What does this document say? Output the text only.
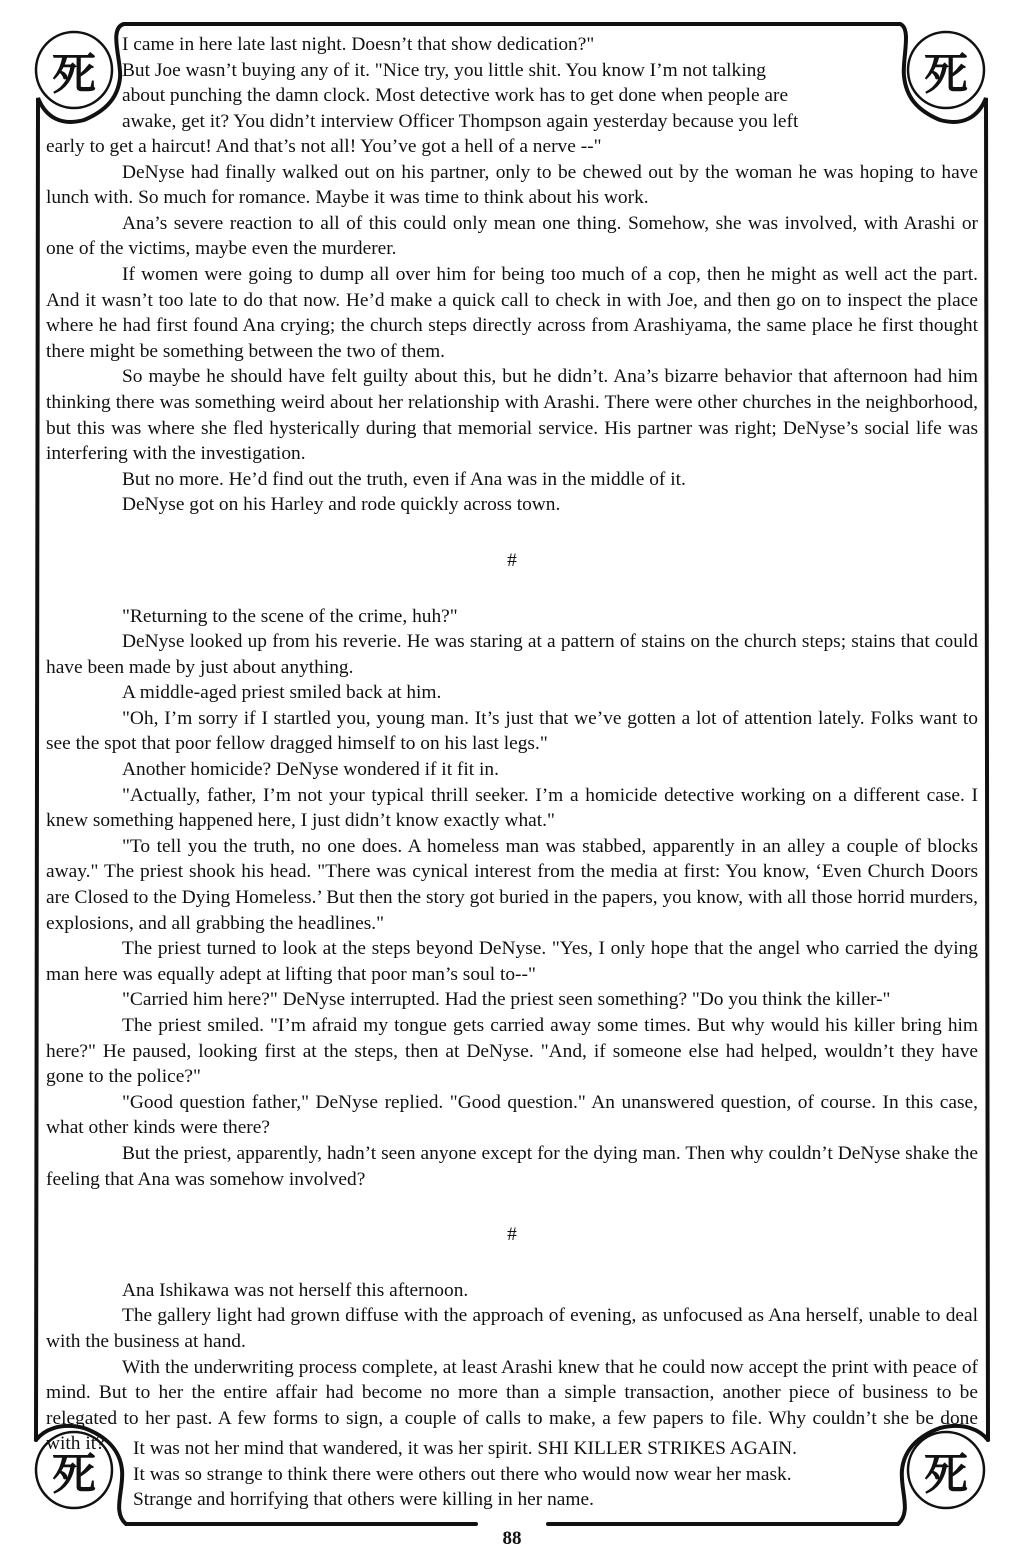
死	死
死	死

I came in here late last night. Doesn’t that show dedication?"

But Joe wasn’t buying any of it. "Nice try, you little shit. You know I’m not talking

about punching the damn clock. Most detective work has to get done when people are

awake, get it? You didn’t interview Officer Thompson again yesterday because you left

early to get a haircut! And that’s not all! You’ve got a hell of a nerve --"

DeNyse had finally walked out on his partner, only to be chewed out by the woman he was hoping to have lunch with. So much for romance. Maybe it was time to think about his work.

Ana’s severe reaction to all of this could only mean one thing. Somehow, she was involved, with Arashi or one of the victims, maybe even the murderer.

If women were going to dump all over him for being too much of a cop, then he might as well act the part. And it wasn’t too late to do that now. He’d make a quick call to check in with Joe, and then go on to inspect the place where he had first found Ana crying; the church steps directly across from Arashiyama, the same place he first thought there might be something between the two of them.

So maybe he should have felt guilty about this, but he didn’t. Ana’s bizarre behavior that afternoon had him thinking there was something weird about her relationship with Arashi. There were other churches in the neighborhood, but this was where she fled hysterically during that memorial service. His partner was right; DeNyse’s social life was interfering with the investigation.

But no more. He’d find out the truth, even if Ana was in the middle of it.

DeNyse got on his Harley and rode quickly across town.

#

"Returning to the scene of the crime, huh?"

DeNyse looked up from his reverie. He was staring at a pattern of stains on the church steps; stains that could have been made by just about anything.

A middle-aged priest smiled back at him.

"Oh, I’m sorry if I startled you, young man. It’s just that we’ve gotten a lot of attention lately. Folks want to see the spot that poor fellow dragged himself to on his last legs."

Another homicide? DeNyse wondered if it fit in.

"Actually, father, I’m not your typical thrill seeker. I’m a homicide detective working on a different case. I knew something happened here, I just didn’t know exactly what."

"To tell you the truth, no one does. A homeless man was stabbed, apparently in an alley a couple of blocks away." The priest shook his head. "There was cynical interest from the media at first: You know, ‘Even Church Doors are Closed to the Dying Homeless.’ But then the story got buried in the papers, you know, with all those horrid murders, explosions, and all grabbing the headlines."

The priest turned to look at the steps beyond DeNyse. "Yes, I only hope that the angel who carried the dying man here was equally adept at lifting that poor man’s soul to--"

"Carried him here?" DeNyse interrupted. Had the priest seen something? "Do you think the killer-"

The priest smiled. "I’m afraid my tongue gets carried away some times. But why would his killer bring him here?" He paused, looking first at the steps, then at DeNyse. "And, if someone else had helped, wouldn’t they have gone to the police?"

"Good question father," DeNyse replied. "Good question." An unanswered question, of course. In this case, what other kinds were there?

But the priest, apparently, hadn’t seen anyone except for the dying man. Then why couldn’t DeNyse shake the feeling that Ana was somehow involved?

#

Ana Ishikawa was not herself this afternoon.

The gallery light had grown diffuse with the approach of evening, as unfocused as Ana herself, unable to deal with the business at hand.

With the underwriting process complete, at least Arashi knew that he could now accept the print with peace of mind. But to her the entire affair had become no more than a simple transaction, another piece of business to be relegated to her past. A few forms to sign, a couple of calls to make, a few papers to file. Why couldn’t she be done with it?	It was not her mind that wandered, it was her spirit. SHI KILLER STRIKES AGAIN.

It was so strange to think there were others out there who would now wear her mask.

Strange and horrifying that others were killing in her name.

88
